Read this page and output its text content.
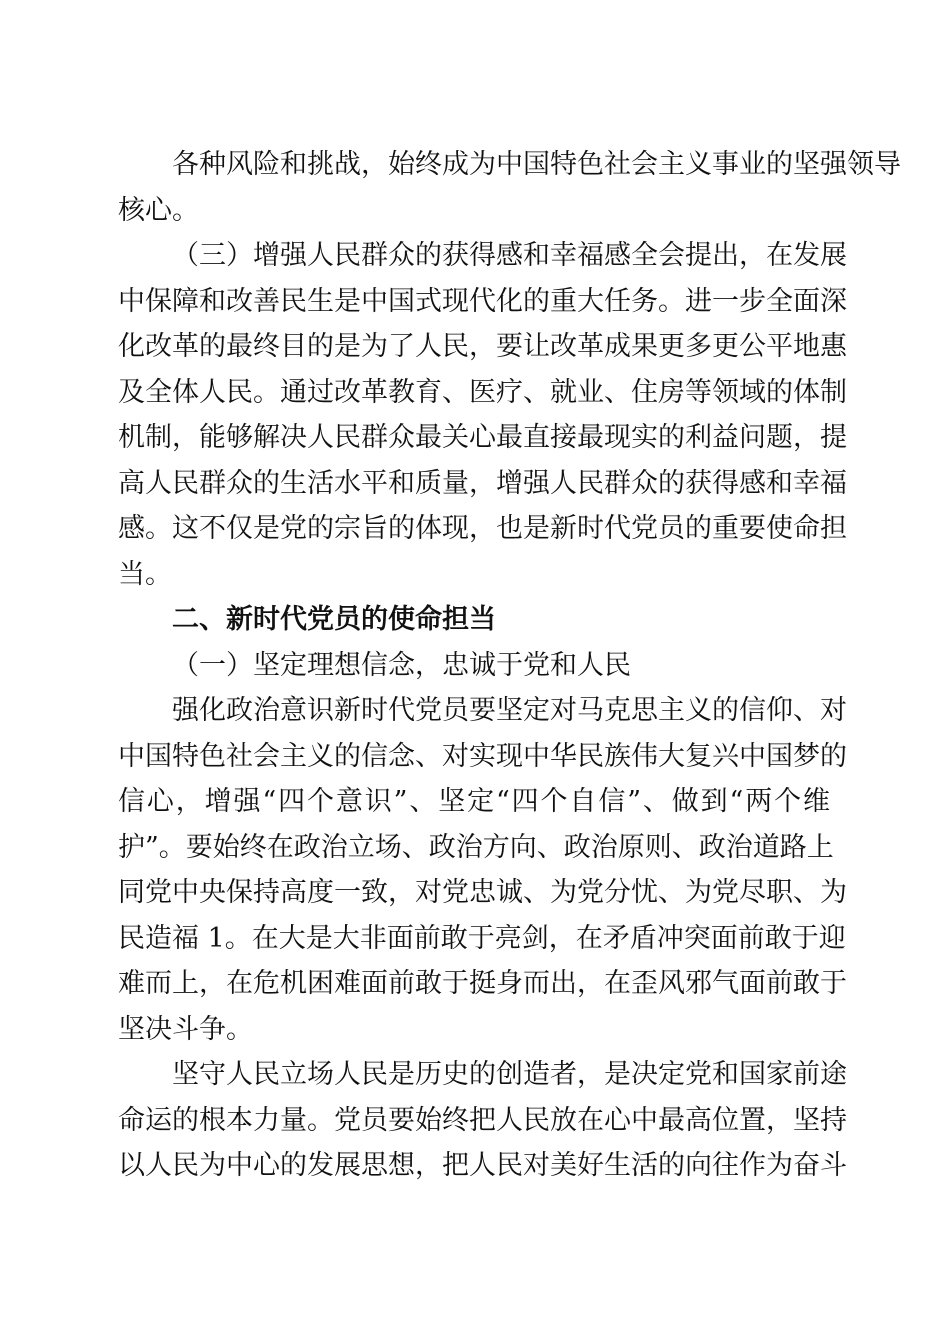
各种风险和挑战，始终成为中国特色社会主义事业的坚强领导
核心。
（三）增强人民群众的获得感和幸福感全会提出，在发展
中保障和改善民生是中国式现代化的重大任务。进一步全面深
化改革的最终目的是为了人民，要让改革成果更多更公平地惠
及全体人民。通过改革教育、医疗、就业、住房等领域的体制
机制，能够解决人民群众最关心最直接最现实的利益问题，提
高人民群众的生活水平和质量，增强人民群众的获得感和幸福
感。这不仅是党的宗旨的体现，也是新时代党员的重要使命担
当。
二、新时代党员的使命担当
（一）坚定理想信念，忠诚于党和人民
强化政治意识新时代党员要坚定对马克思主义的信仰、对
中国特色社会主义的信念、对实现中华民族伟大复兴中国梦的
信心，增强“四个意识”、坚定“四个自信”、做到“两个维
护”。要始终在政治立场、政治方向、政治原则、政治道路上
同党中央保持高度一致，对党忠诚、为党分忧、为党尽职、为
民造福 1。在大是大非面前敢于亮剑，在矛盾冲突面前敢于迎
难而上，在危机困难面前敢于挺身而出，在歪风邪气面前敢于
坚决斗争。
坚守人民立场人民是历史的创造者，是决定党和国家前途
命运的根本力量。党员要始终把人民放在心中最高位置，坚持
以人民为中心的发展思想，把人民对美好生活的向往作为奋斗
